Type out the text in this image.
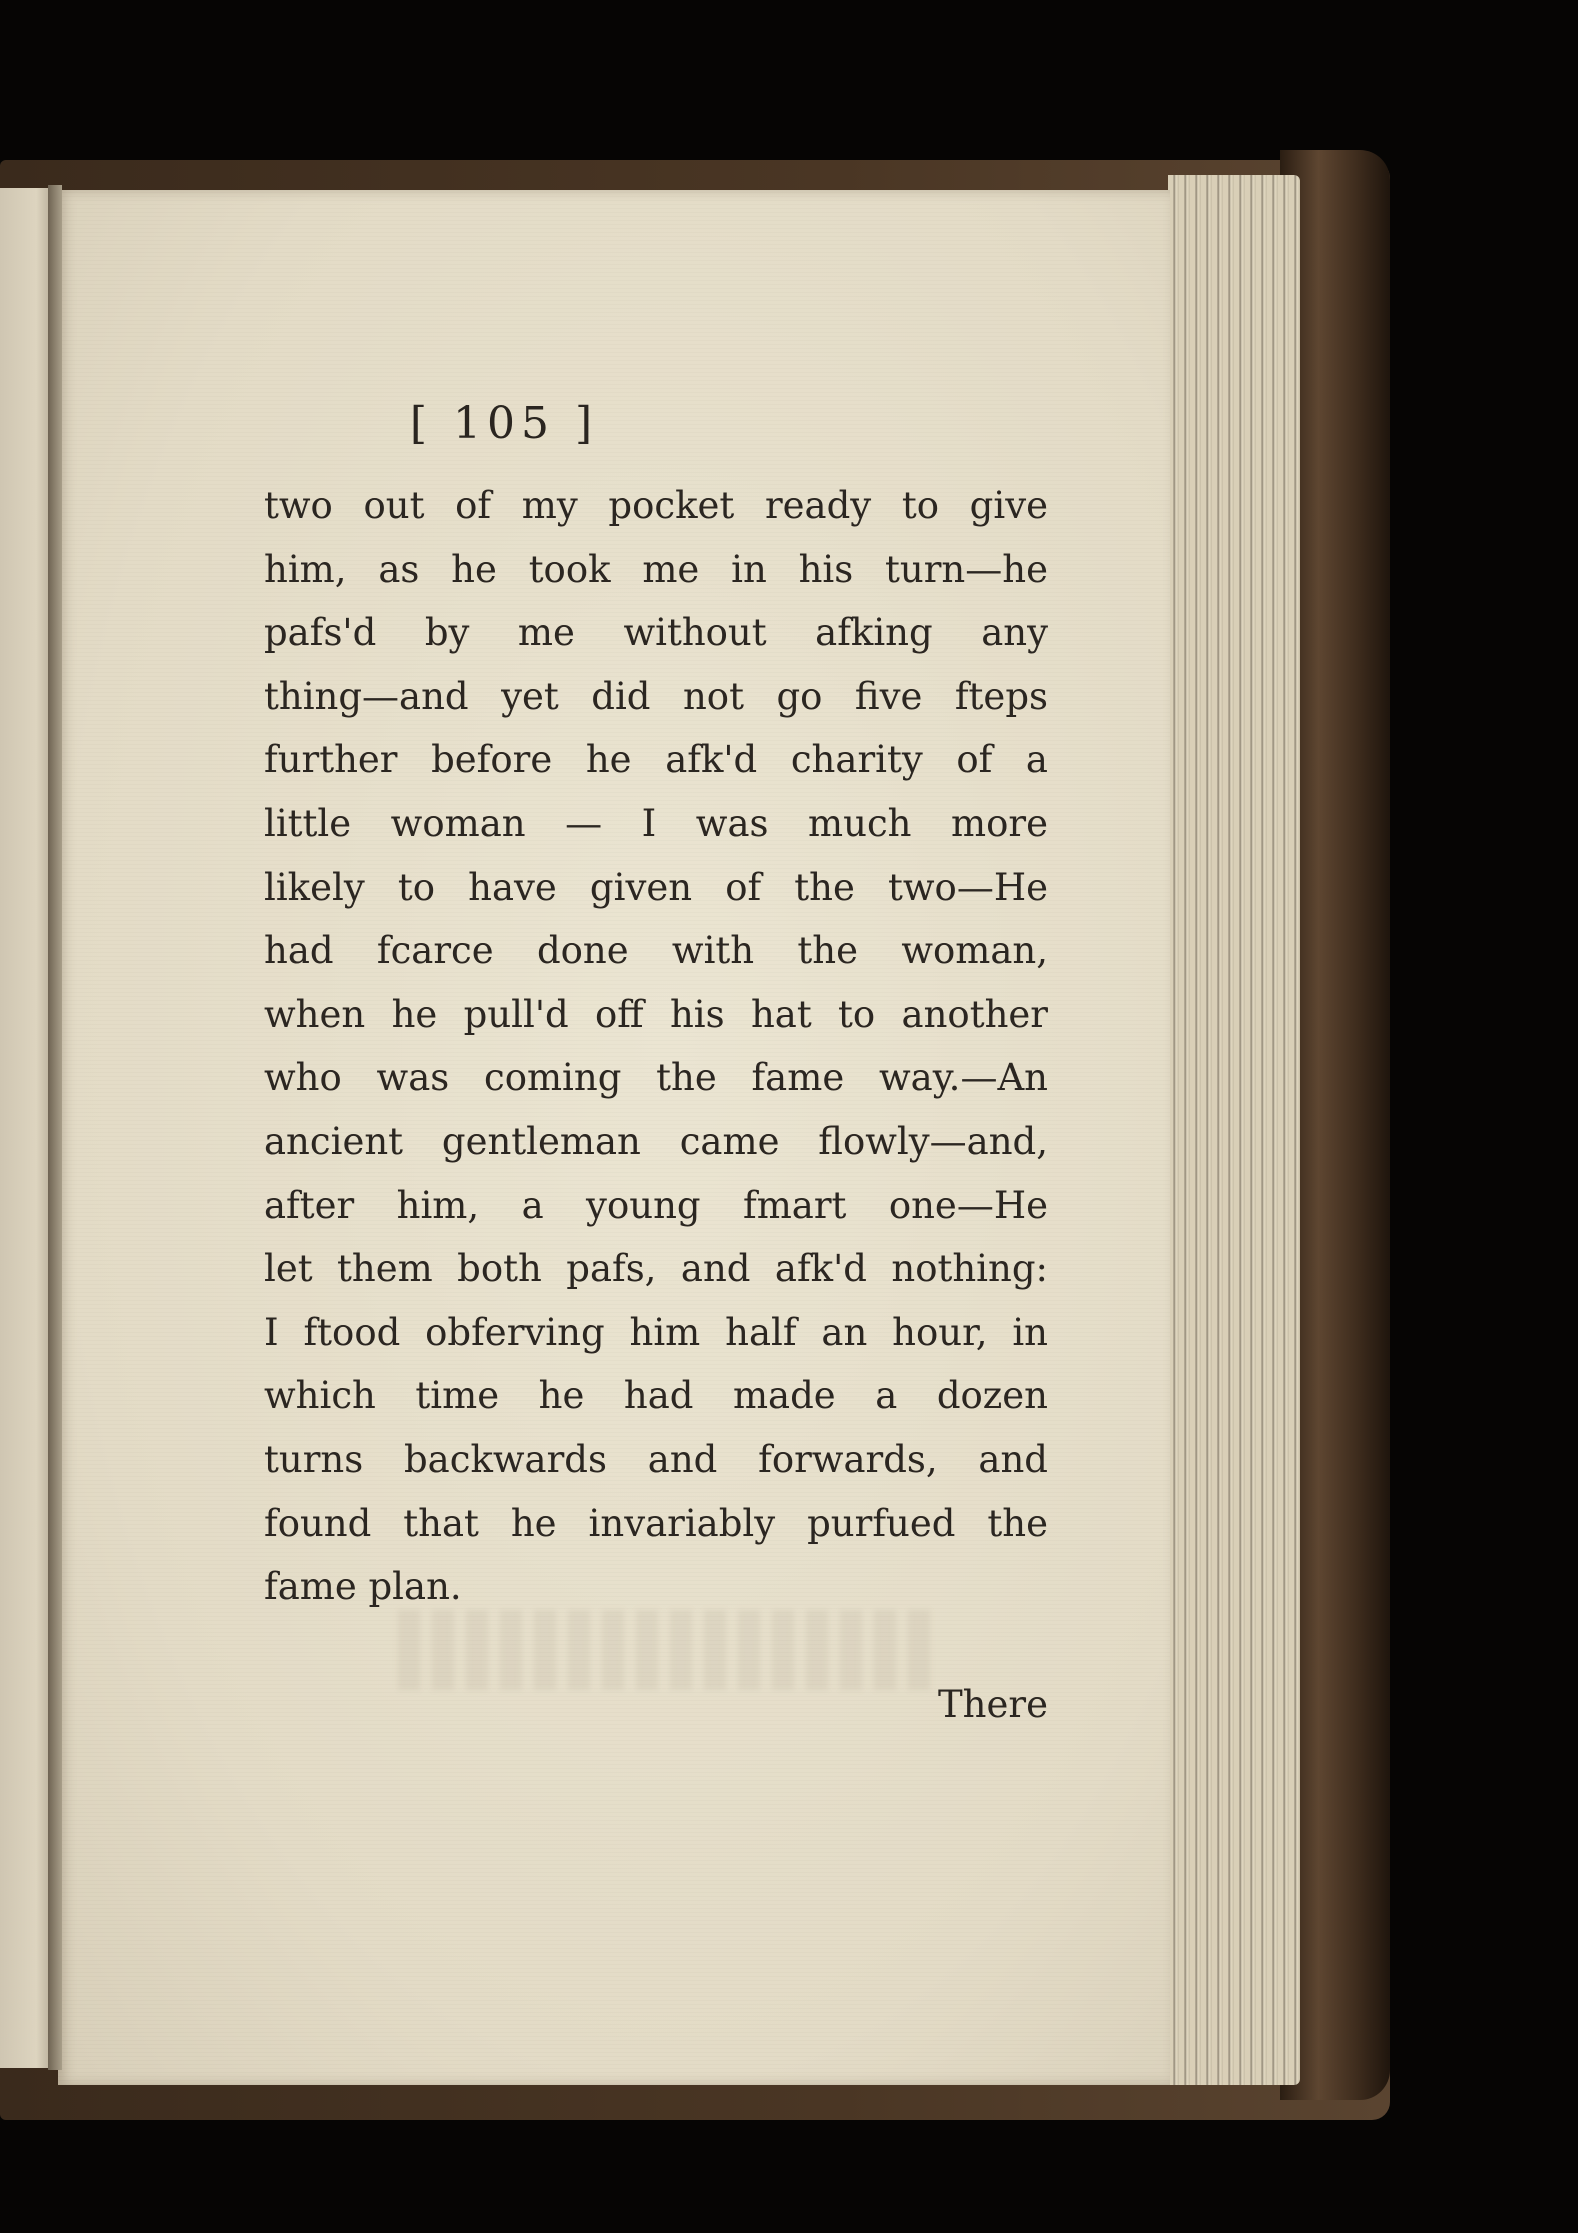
[ 105 ]
two out of my pocket ready to give
him, as he took me in his turn—he
pafs'd by me without afking any
thing—and yet did not go five fteps
further before he afk'd charity of a
little woman — I was much more
likely to have given of the two—He
had fcarce done with the woman,
when he pull'd off his hat to another
who was coming the fame way.—An
ancient gentleman came flowly—and,
after him, a young fmart one—He
let them both pafs, and afk'd nothing:
I ftood obferving him half an hour, in
which time he had made a dozen
turns backwards and forwards, and
found that he invariably purfued the
fame plan.
There
